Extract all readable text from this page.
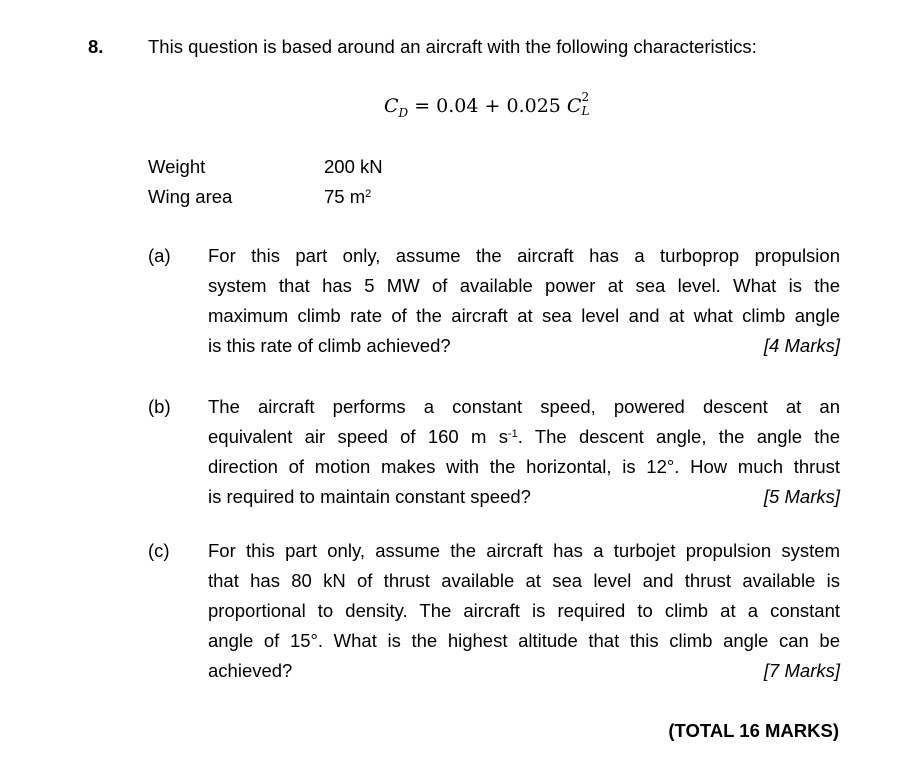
8. This question is based around an aircraft with the following characteristics:
$C_D = 0.04 + 0.025$ C 2
L
Weight	200 kN
Wing area	75 $m^2$
(a) For this part only, assume the aircraft has a turboprop propulsion
system that has 5 MW of available power at sea level. What is the
maximum climb rate of the aircraft at sea level and at what climb angle
is this rate of climb achieved?	[4 Marks]
(b) The aircraft performs a constant speed, powered descent at an
equivalent air speed of 160 m $s^{-1}$. The descent angle, the angle the
direction of motion makes with the horizontal, is 12°. How much thrust
is required to maintain constant speed?	[5 Marks]
(c) For this part only, assume the aircraft has a turbojet propulsion system
that has 80 kN of thrust available at sea level and thrust available is
proportional to density. The aircraft is required to climb at a constant
angle of 15°. What is the highest altitude that this climb angle can be
achieved?	[7 Marks]
(TOTAL 16 MARKS)
